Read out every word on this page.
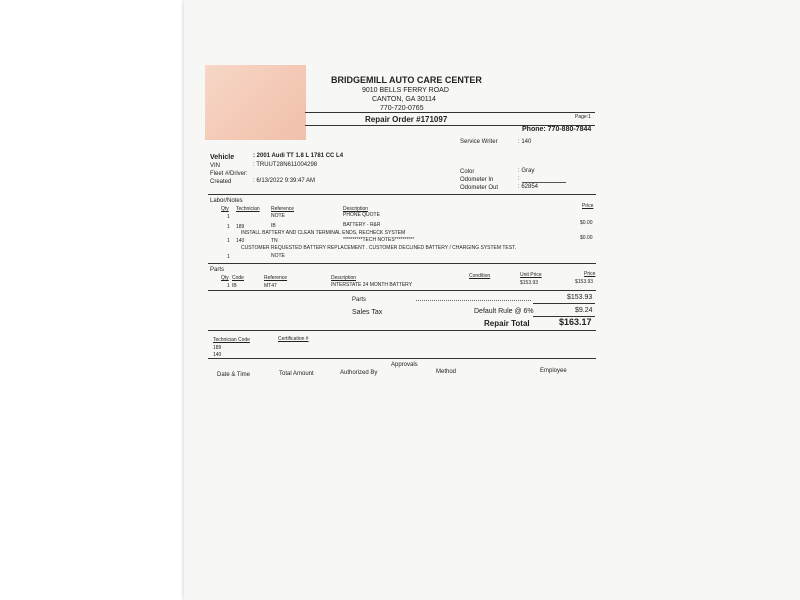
BRIDGEMILL AUTO CARE CENTER
9010 BELLS FERRY ROAD
CANTON, GA 30114
770-720-0765
Page:1
Repair Order #171097
Phone: 770-880-7844
Service Writer	: 140
Vehicle	: 2001 Audi TT 1.8 L 1781 CC L4
VIN	: TRUUT28N611004298
Fleet #/Driver:
Created	: 6/13/2022 9:39:47 AM
Color	: Gray
Odometer In	:
Odometer Out	: 62854
Labor/Notes
Qty Technician Reference	Description	Price
1	NOTE	PHONE QUOTE
1 189	IB	BATTERY - R&R	$0.00
INSTALL BATTERY AND CLEAN TERMINAL ENDS, RECHECK SYSTEM
1 140	TN	**********TECH NOTES**********	$0.00
CUSTOMER REQUESTED BATTERY REPLACEMENT . CUSTOMER DECLINED BATTERY / CHARGING SYSTEM TEST.
1	NOTE
Parts
Qty Code	Reference	Description	Condition	Unit Price	Price
1 IB	MT47	INTERSTATE 24 MONTH BATTERY	$153.93	$153.93
Parts	$153.93
Sales Tax	Default Rule @ 6%	$9.24
Repair Total	$163.17
Technician Code	Certification #
189
140
Approvals
Date & Time	Total Amount	Authorized By	Method	Employee
